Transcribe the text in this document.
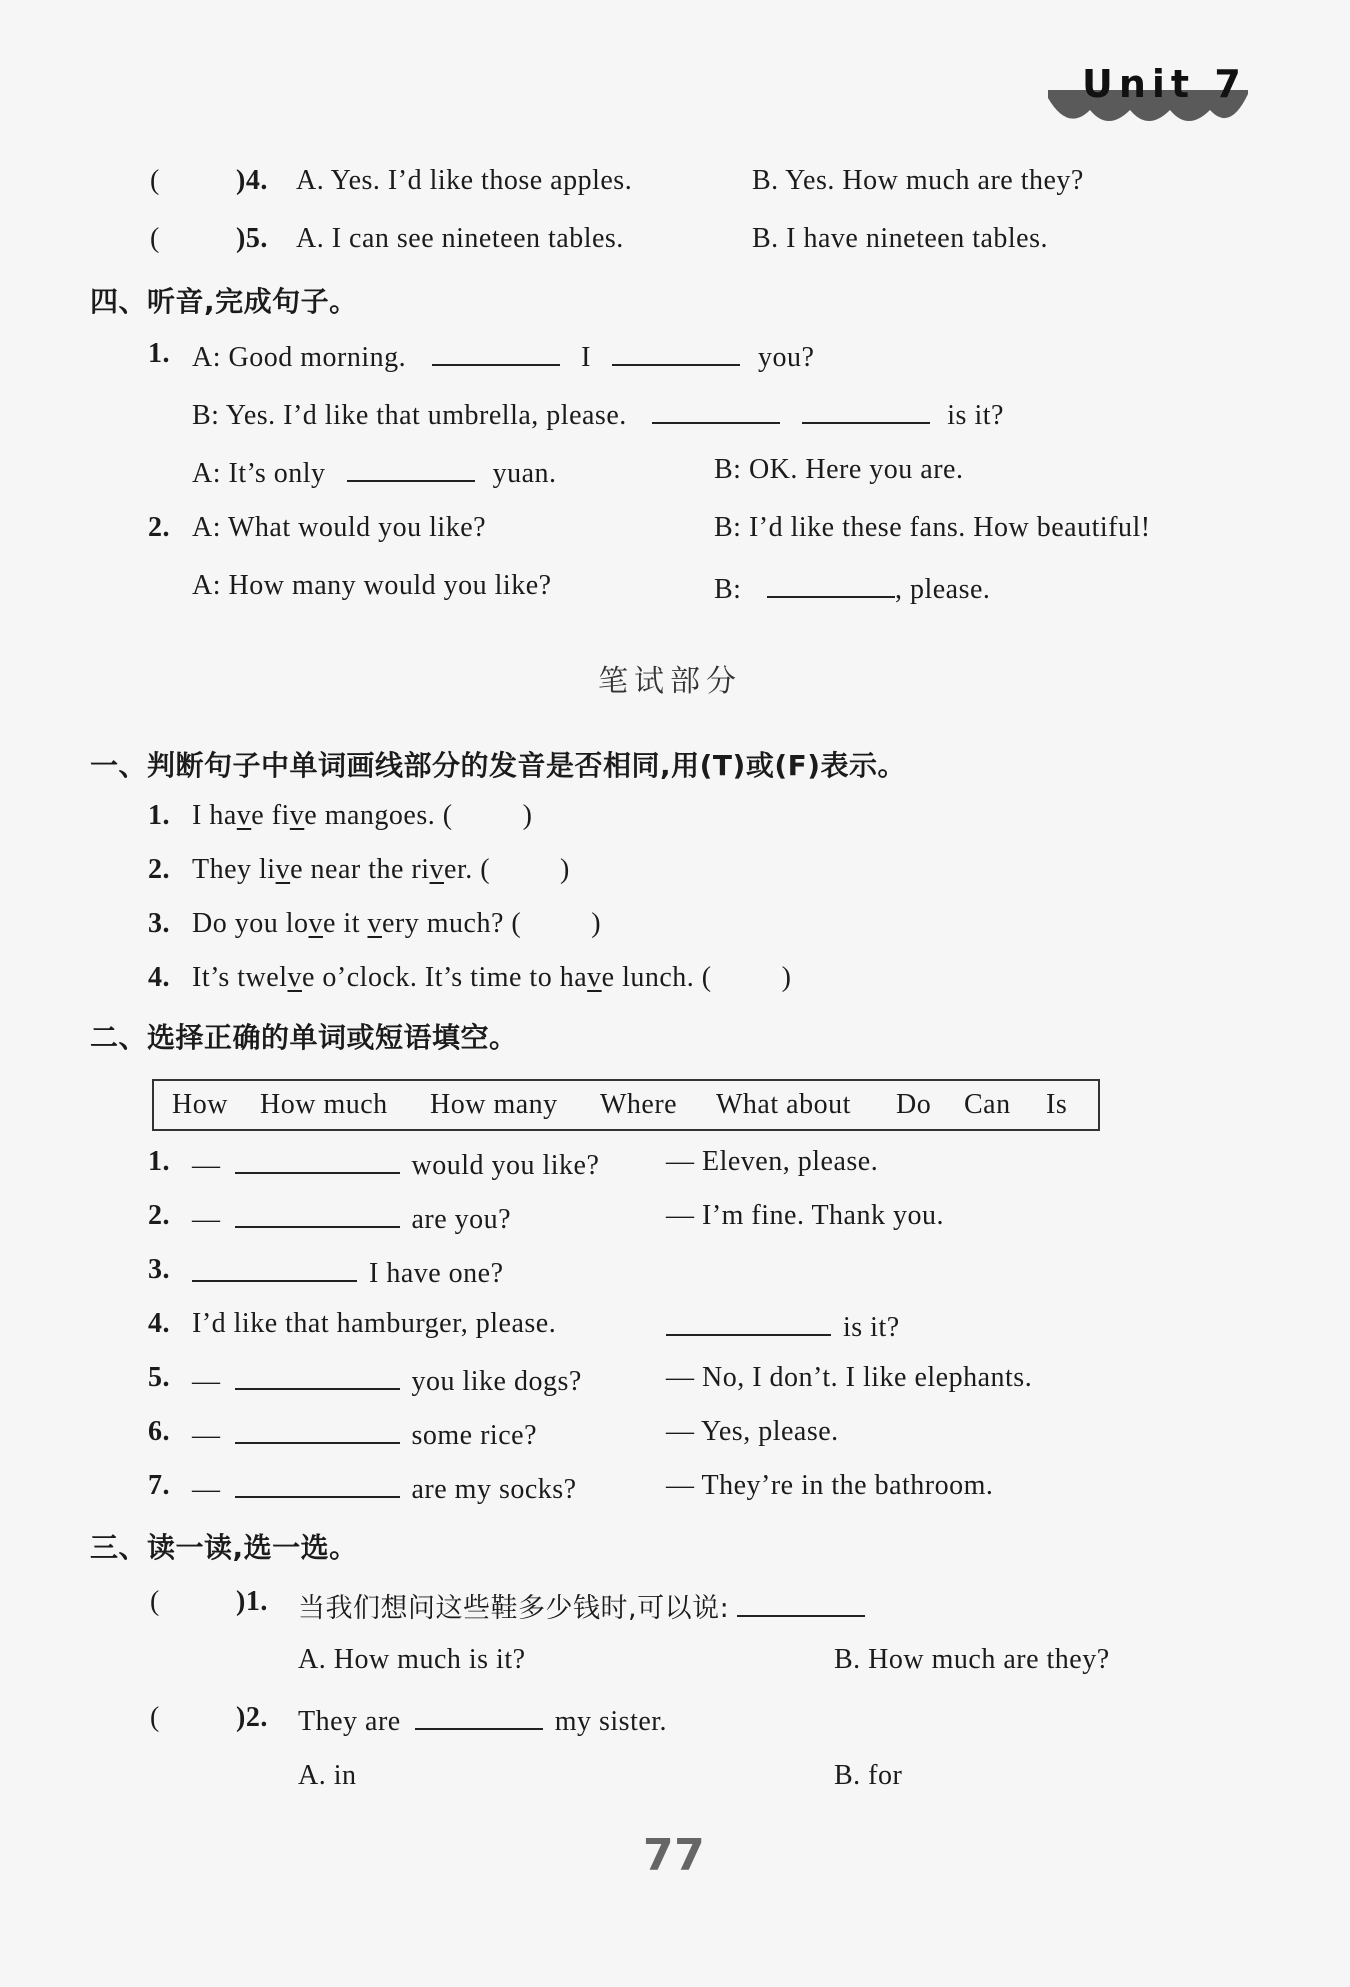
Unit 7
(	)4. A. Yes. I’d like those apples.	B. Yes. How much are they?
(	)5. A. I can see nineteen tables.	B. I have nineteen tables.
四、听音,完成句子。
1. A: Good morning.	I	you?
B: Yes. I’d like that umbrella, please.	is it?
A: It’s only	yuan.	B: OK. Here you are.
2. A: What would you like?	B: I’d like these fans. How beautiful!
A: How many would you like?	B:	, please.
笔试部分
一、判断句子中单词画线部分的发音是否相同,用(T)或(F)表示。
1. I have five mangoes. (	)
2. They live near the river. (	)
3. Do you love it very much? (	)
4. It’s twelve o’clock. It’s time to have lunch. (	)
二、选择正确的单词或短语填空。
How How much How many Where What about Do Can Is
1. —	would you like? — Eleven, please.
2. —	are you?	— I’m fine. Thank you.
3.	I have one?
4. I’d like that hamburger, please.	is it?
5. —	you like dogs?	— No, I don’t. I like elephants.
6. —	some rice?	— Yes, please.
7. —	are my socks?	— They’re in the bathroom.
三、读一读,选一选。
(	)1. 当我们想问这些鞋多少钱时,可以说:
A. How much is it?	B. How much are they?
(	)2. They are	my sister.
A. in	B. for
77
